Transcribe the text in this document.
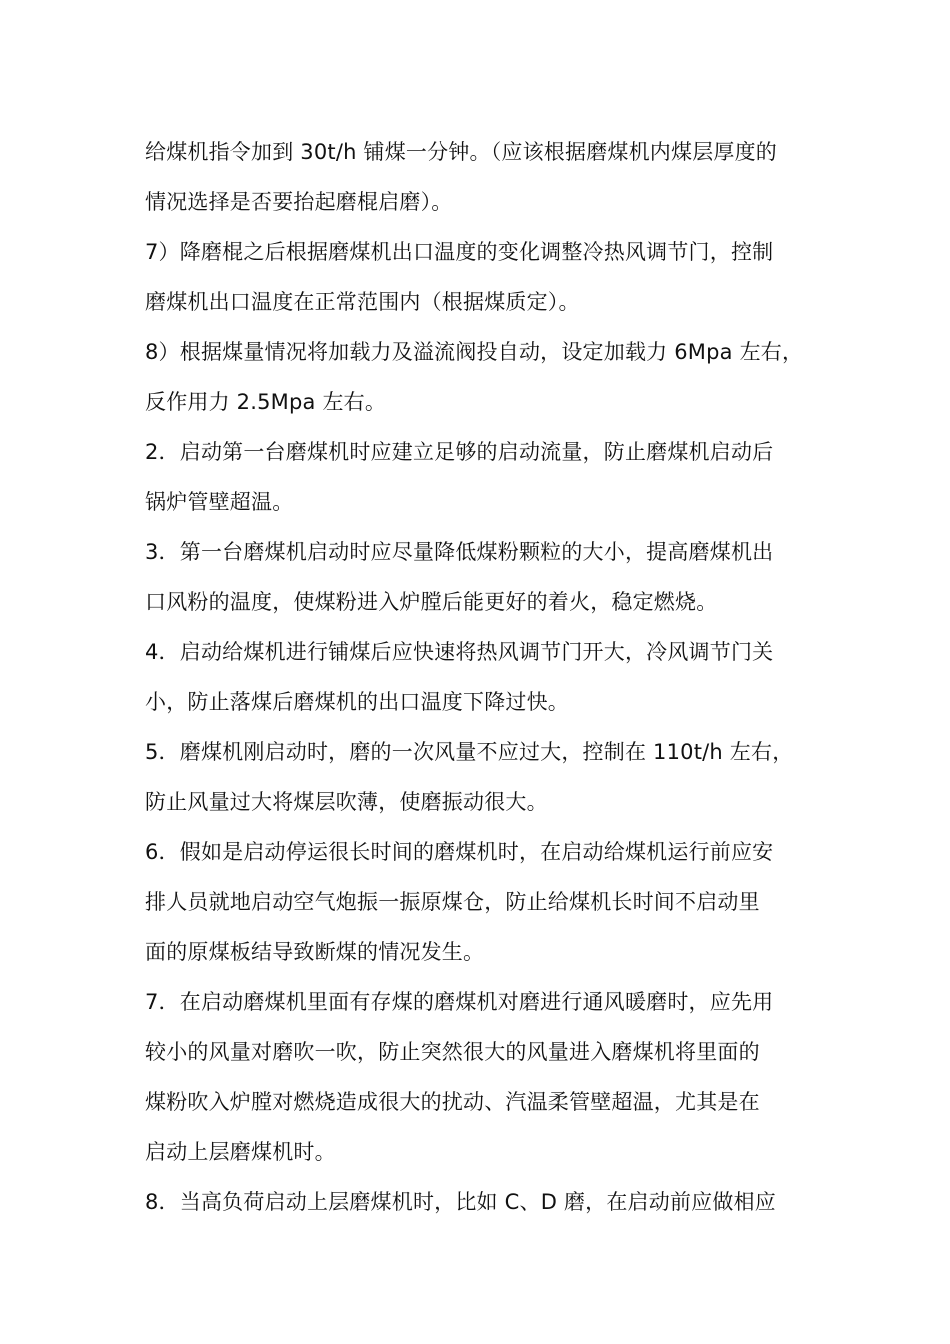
给煤机指令加到 30t/h 铺煤一分钟。（应该根据磨煤机内煤层厚度的
情况选择是否要抬起磨棍启磨）。
7）降磨棍之后根据磨煤机出口温度的变化调整冷热风调节门，控制
磨煤机出口温度在正常范围内（根据煤质定）。
8）根据煤量情况将加载力及溢流阀投自动，设定加载力 6Mpa 左右，
反作用力 2.5Mpa 左右。
2．启动第一台磨煤机时应建立足够的启动流量，防止磨煤机启动后
锅炉管壁超温。
3．第一台磨煤机启动时应尽量降低煤粉颗粒的大小，提高磨煤机出
口风粉的温度，使煤粉进入炉膛后能更好的着火，稳定燃烧。
4．启动给煤机进行铺煤后应快速将热风调节门开大，冷风调节门关
小，防止落煤后磨煤机的出口温度下降过快。
5．磨煤机刚启动时，磨的一次风量不应过大，控制在 110t/h 左右，
防止风量过大将煤层吹薄，使磨振动很大。
6．假如是启动停运很长时间的磨煤机时，在启动给煤机运行前应安
排人员就地启动空气炮振一振原煤仓，防止给煤机长时间不启动里
面的原煤板结导致断煤的情况发生。
7．在启动磨煤机里面有存煤的磨煤机对磨进行通风暖磨时，应先用
较小的风量对磨吹一吹，防止突然很大的风量进入磨煤机将里面的
煤粉吹入炉膛对燃烧造成很大的扰动、汽温柔管壁超温，尤其是在
启动上层磨煤机时。
8．当高负荷启动上层磨煤机时，比如 C、D 磨，在启动前应做相应
